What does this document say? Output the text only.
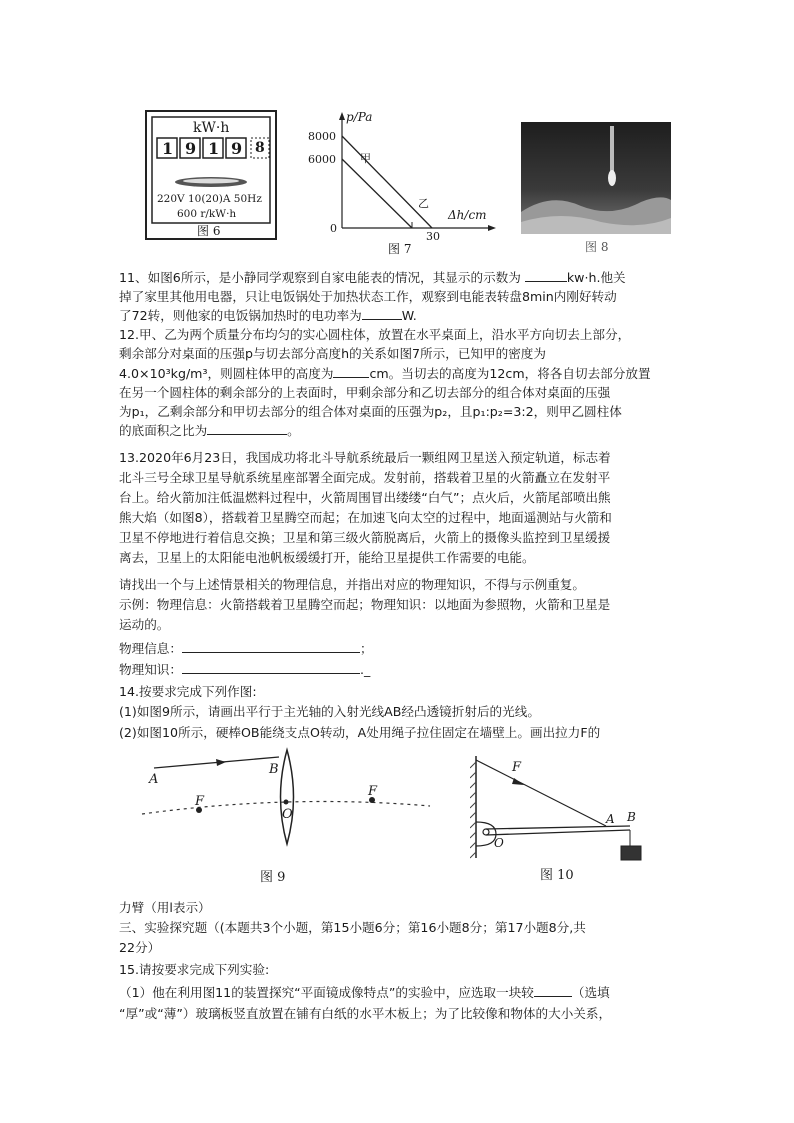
kW·h
1 9 1 9 8
220V 10(20)A 50Hz
600 r/kW·h
图 6
p/Pa
8000
6000
0
30
Δh/cm
甲
乙
图 7	图 8
11、如图6所示，是小静同学观察到自家电能表的情况，其显示的示数为	kw·h.他关
掉了家里其他用电器，只让电饭锅处于加热状态工作，观察到电能表转盘8min内刚好转动
了72转，则他家的电饭锅加热时的电功率为	W.
12.甲、乙为两个质量分布均匀的实心圆柱体，放置在水平桌面上，沿水平方向切去上部分，
剩余部分对桌面的压强p与切去部分高度h的关系如图7所示，已知甲的密度为
4.0×10³kg/m³，则圆柱体甲的高度为	cm。当切去的高度为12cm，将各自切去部分放置
在另一个圆柱体的剩余部分的上表面时，甲剩余部分和乙切去部分的组合体对桌面的压强
为p₁，乙剩余部分和甲切去部分的组合体对桌面的压强为p₂，且p₁:p₂=3:2，则甲乙圆柱体
的底面积之比为	。
13.2020年6月23日，我国成功将北斗导航系统最后一颗组网卫星送入预定轨道，标志着
北斗三号全球卫星导航系统星座部署全面完成。发射前，搭载着卫星的火箭矗立在发射平
台上。给火箭加注低温燃料过程中，火箭周围冒出缕缕“白气”；点火后，火箭尾部喷出熊
熊大焰（如图8），搭载着卫星腾空而起；在加速飞向太空的过程中，地面遥测站与火箭和
卫星不停地进行着信息交换；卫星和第三级火箭脱离后，火箭上的摄像头监控到卫星缓援
离去，卫星上的太阳能电池帆板缓缓打开，能给卫星提供工作需要的电能。
请找出一个与上述情景相关的物理信息，并指出对应的物理知识，不得与示例重复。
示例：物理信息：火箭搭载着卫星腾空而起；物理知识：以地面为参照物，火箭和卫星是
运动的。
物理信息：	；
物理知识：	._
14.按要求完成下列作图:
(1)如图9所示，请画出平行于主光轴的入射光线AB经凸透镜折射后的光线。
(2)如图10所示，硬棒OB能绕支点O转动，A处用绳子拉住固定在墙壁上。画出拉力F的
A
B
O
F
F
图 9
F
A B
O
图 10
力臂（用l表示）
三、实验探究题（(本题共3个小题，第15小题6分；第16小题8分；第17小题8分,共
22分）
15.请按要求完成下列实验:
（1）他在利用图11的装置探究“平面镜成像特点”的实验中，应选取一块较	（选填
“厚”或“薄”）玻璃板竖直放置在铺有白纸的水平木板上；为了比较像和物体的大小关系，
